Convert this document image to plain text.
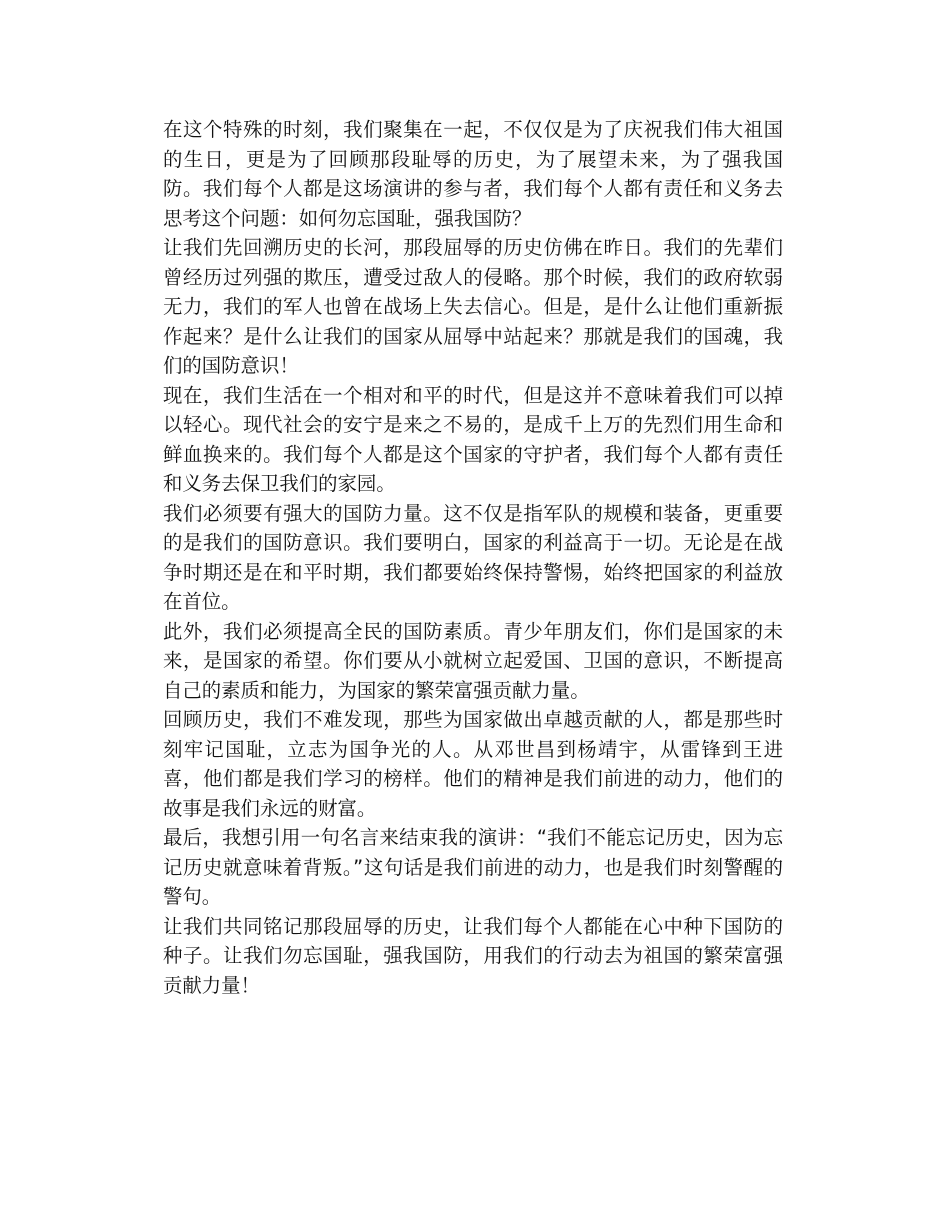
在这个特殊的时刻，我们聚集在一起，不仅仅是为了庆祝我们伟大祖国的生日，更是为了回顾那段耻辱的历史，为了展望未来，为了强我国防。我们每个人都是这场演讲的参与者，我们每个人都有责任和义务去思考这个问题：如何勿忘国耻，强我国防？

让我们先回溯历史的长河，那段屈辱的历史仿佛在昨日。我们的先辈们曾经历过列强的欺压，遭受过敌人的侵略。那个时候，我们的政府软弱无力，我们的军人也曾在战场上失去信心。但是，是什么让他们重新振作起来？是什么让我们的国家从屈辱中站起来？那就是我们的国魂，我们的国防意识！

现在，我们生活在一个相对和平的时代，但是这并不意味着我们可以掉以轻心。现代社会的安宁是来之不易的，是成千上万的先烈们用生命和鲜血换来的。我们每个人都是这个国家的守护者，我们每个人都有责任和义务去保卫我们的家园。

我们必须要有强大的国防力量。这不仅是指军队的规模和装备，更重要的是我们的国防意识。我们要明白，国家的利益高于一切。无论是在战争时期还是在和平时期，我们都要始终保持警惕，始终把国家的利益放在首位。

此外，我们必须提高全民的国防素质。青少年朋友们，你们是国家的未来，是国家的希望。你们要从小就树立起爱国、卫国的意识，不断提高自己的素质和能力，为国家的繁荣富强贡献力量。

回顾历史，我们不难发现，那些为国家做出卓越贡献的人，都是那些时刻牢记国耻，立志为国争光的人。从邓世昌到杨靖宇，从雷锋到王进喜，他们都是我们学习的榜样。他们的精神是我们前进的动力，他们的故事是我们永远的财富。

最后，我想引用一句名言来结束我的演讲：“我们不能忘记历史，因为忘记历史就意味着背叛。”这句话是我们前进的动力，也是我们时刻警醒的警句。

让我们共同铭记那段屈辱的历史，让我们每个人都能在心中种下国防的种子。让我们勿忘国耻，强我国防，用我们的行动去为祖国的繁荣富强贡献力量！
